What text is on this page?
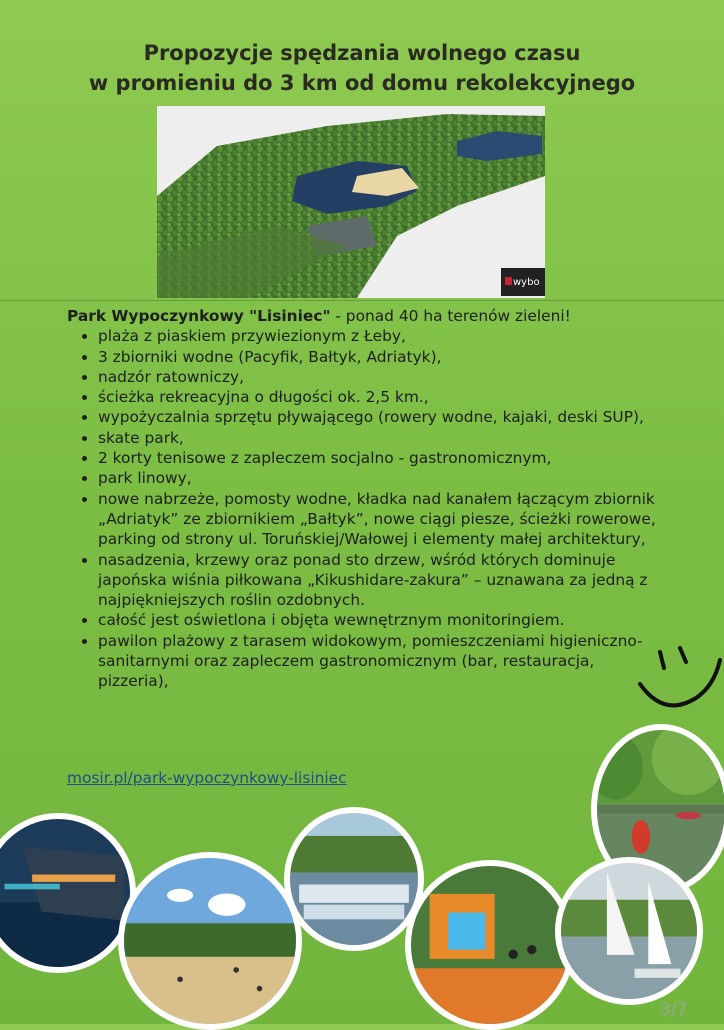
Propozycje spędzania wolnego czasu
w promieniu do 3 km od domu rekolekcyjnego
wybo
Park Wypoczynkowy "Lisiniec" - ponad 40 ha terenów zieleni!
• plaża z piaskiem przywiezionym z Łeby,
• 3 zbiorniki wodne (Pacyfik, Bałtyk, Adriatyk),
• nadzór ratowniczy,
• ścieżka rekreacyjna o długości ok. 2,5 km.,
• wypożyczalnia sprzętu pływającego (rowery wodne, kajaki, deski SUP),
• skate park,
• 2 korty tenisowe z zapleczem socjalno - gastronomicznym,
• park linowy,
• nowe nabrzeże, pomosty wodne, kładka nad kanałem łączącym zbiornik „Adriatyk” ze zbiornikiem „Bałtyk”, nowe ciągi piesze, ścieżki rowerowe, parking od strony ul. Toruńskiej/Wałowej i elementy małej architektury,
• nasadzenia, krzewy oraz ponad sto drzew, wśród których dominuje japońska wiśnia piłkowana „Kikushidare-zakura” – uznawana za jedną z najpiękniejszych roślin ozdobnych.
• całość jest oświetlona i objęta wewnętrznym monitoringiem.
• pawilon plażowy z tarasem widokowym, pomieszczeniami higieniczno-sanitarnymi oraz zapleczem gastronomicznym (bar, restauracja, pizzeria),
mosir.pl/park-wypoczynkowy-lisiniec
3/7
